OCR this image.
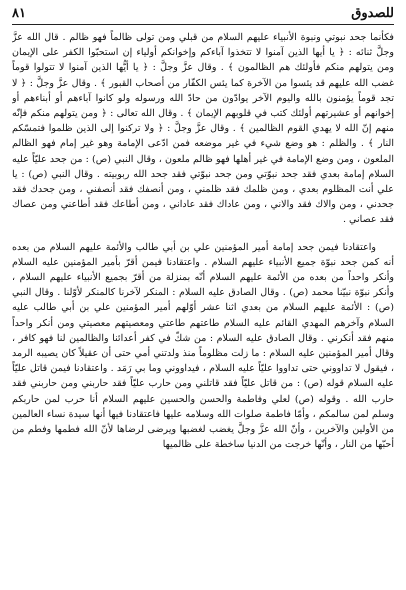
للصدوق
٨١

فكأنما جحد نبوتي ونبوة الأنبياء عليهم السلام من قبلي ومن تولى ظالماً فهو ظالم . قال الله عزَّ وجلَّ ثنائه : ﴿ يا أيها الذين آمنوا لا تتخذوا آباءكم وإخوانكم أولياء إن استحبّوا الكفر على الإيمان ومن يتولهم منكم فأولئك هم الظالمون ﴾ . وقال عزَّ وجلَّ : ﴿ يا أيُّها الذين آمنوا لا تتولوا قوماً غضب الله عليهم قد يئسوا من الآخرة كما يئس الكفّار من أصحاب القبور ﴾ . وقال عزَّ وجلَّ : ﴿ لا تجد قوماً يؤمنون بالله واليوم الآخر يوادّون من حادّ الله ورسوله ولو كانوا آباءهم أو أبناءهم أو إخوانهم أو عشيرتهم أولئك كتب في قلوبهم الإيمان ﴾ . وقال الله تعالى : ﴿ ومن يتولهم منكم فإنّه منهم إنّ الله لا يهدي القوم الظالمين ﴾ . وقال عزَّ وجلَّ : ﴿ ولا تركنوا إلى الذين ظلموا فتمسّكم النار ﴾ . والظلم : هو وضع شيء في غير موضعه فمن ادّعى الإمامة وهو غير إمام فهو الظالم الملعون ، ومن وضع الإمامة في غير أهلها فهو ظالم ملعون ، وقال النبي (ص) : من جحد عليّاً عليه السلام إمامة بعدي فقد جحد نبوّتي ومن جحد نبوّتي فقد جحد الله ربوبيته . وقال النبي (ص) : يا علي أنت المظلوم بعدي ، ومن ظلمك فقد ظلمني ، ومن أنصفك فقد أنصفني ، ومن جحدك فقد جحدني ، ومن والاك فقد والاني ، ومن عاداك فقد عاداني ، ومن أطاعك فقد أطاعني ومن عصاك فقد عصاني .

واعتقادنا فيمن جحد إمامة أمير المؤمنين علي بن أبي طالب والأئمة عليهم السلام من بعده أنه كمن جحد نبوّة جميع الأنبياء عليهم السلام . واعتقادنا فيمن أقرّ بأمير المؤمنين عليه السلام وأنكر واحداً من بعده من الأئمة عليهم السلام أنّه بمنزلة من أقرّ بجميع الأنبياء عليهم السلام ، وأنكر نبوّة نبيّنا محمد (ص) . وقال الصادق عليه السلام : المنكر لآخرنا كالمنكر لأوّلنا . وقال النبي (ص) : الأئمة عليهم السلام من بعدي اثنا عشر أوّلهم أمير المؤمنين علي بن أبي طالب عليه السلام وآخرهم المهدي القائم عليه السلام طاعتهم طاعتي ومعصيتهم معصيتي ومن أنكر واحداً منهم فقد أنكرني . وقال الصادق عليه السلام : من شكّ في كفر أعدائنا والظالمين لنا فهو كافر ، وقال أمير المؤمنين عليه السلام : ما زلت مظلوماً منذ ولدتني أمي حتى أن عقيلاً كان يصيبه الرمد ، فيقول لا تداووني حتى تداووا عليّاً عليه السلام ، فيداووني وما بي رَمَد . واعتقادنا فيمن قاتل عليّاً عليه السلام قوله (ص) : من قاتل عليّاً فقد قاتلني ومن حارب عليّاً فقد حاربني ومن حاربني فقد حارب الله . وقوله (ص) لعلي وفاطمة والحسن والحسين عليهم السلام أنا حرب لمن حاربكم وسلم لمن سالمكم ، وأمّا فاطمة صلوات الله وسلامه عليها فاعتقادنا فيها أنها سيدة نساء العالمين من الأولين والآخرين ، وأنّ الله عزَّ وجلَّ يغضب لغضبها ويرضى لرضاها لأنّ الله فطمها وفطم من أحبّها من النار ، وأنّها خرجت من الدنيا ساخطة على ظالميها
